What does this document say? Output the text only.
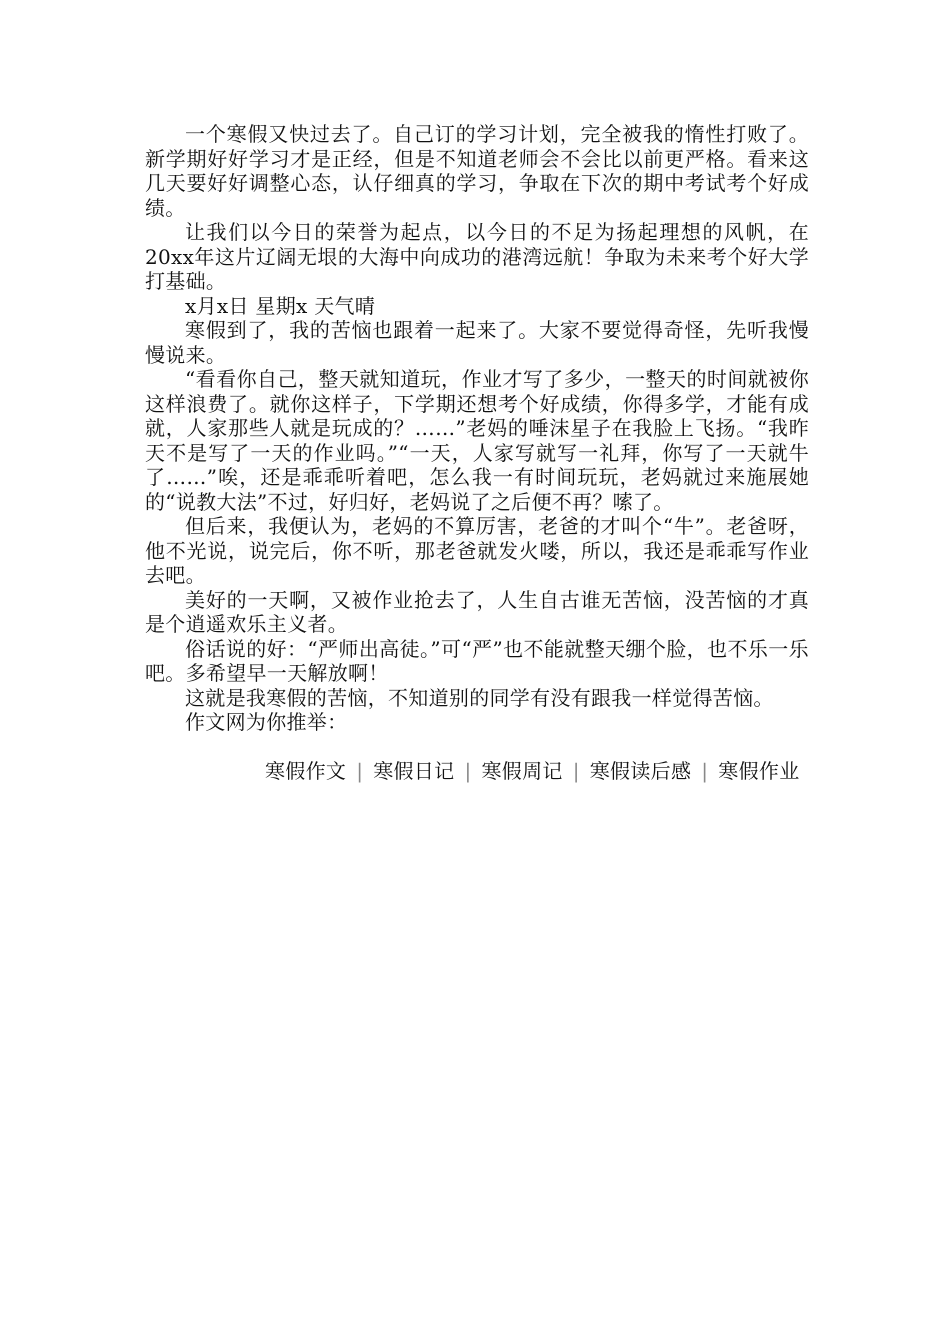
一个寒假又快过去了。自己订的学习计划，完全被我的惰性打败了。新学期好好学习才是正经，但是不知道老师会不会比以前更严格。看来这几天要好好调整心态，认仔细真的学习，争取在下次的期中考试考个好成绩。

让我们以今日的荣誉为起点，以今日的不足为扬起理想的风帆，在20xx年这片辽阔无垠的大海中向成功的港湾远航！争取为未来考个好大学打基础。

x月x日 星期x 天气晴

寒假到了，我的苦恼也跟着一起来了。大家不要觉得奇怪，先听我慢慢说来。

“看看你自己，整天就知道玩，作业才写了多少，一整天的时间就被你这样浪费了。就你这样子，下学期还想考个好成绩，你得多学，才能有成就，人家那些人就是玩成的？……”老妈的唾沫星子在我脸上飞扬。“我昨天不是写了一天的作业吗。”“一天，人家写就写一礼拜，你写了一天就牛了……”唉，还是乖乖听着吧，怎么我一有时间玩玩，老妈就过来施展她的“说教大法”不过，好归好，老妈说了之后便不再？嗦了。

但后来，我便认为，老妈的不算厉害，老爸的才叫个“牛”。老爸呀，他不光说，说完后，你不听，那老爸就发火喽，所以，我还是乖乖写作业去吧。

美好的一天啊，又被作业抢去了，人生自古谁无苦恼，没苦恼的才真是个逍遥欢乐主义者。

俗话说的好：“严师出高徒。”可“严”也不能就整天绷个脸，也不乐一乐吧。多希望早一天解放啊！

这就是我寒假的苦恼，不知道别的同学有没有跟我一样觉得苦恼。

作文网为你推举：

寒假作文 | 寒假日记 | 寒假周记 | 寒假读后感 | 寒假作业
